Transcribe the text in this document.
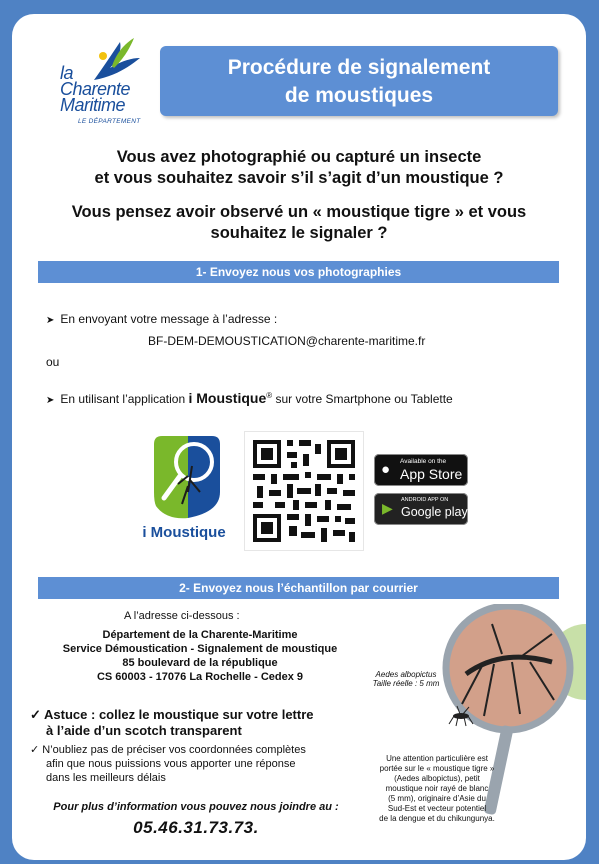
la
Charente
Maritime
LE DÉPARTEMENT
Procédure de signalement
de moustiques
Vous avez photographié ou capturé un insecte
et vous souhaitez savoir s’il s’agit d’un moustique ?
Vous pensez avoir observé un « moustique tigre » et vous
souhaitez le signaler ?
1- Envoyez nous vos photographies
➤ En envoyant votre message à l’adresse :
BF-DEM-DEMOUSTICATION@charente-maritime.fr
ou
➤ En utilisant l’application i Moustique® sur votre Smartphone ou Tablette
i Moustique
● Available on the
App Store
▶ ANDROID APP ON
Google play
2- Envoyez nous l’échantillon par courrier
A l’adresse ci-dessous :
Département de la Charente-Maritime
Service Démoustication - Signalement de moustique
85 boulevard de la république
CS 60003 - 17076 La Rochelle - Cedex 9
✓ Astuce : collez le moustique sur votre lettre
à l’aide d’un scotch transparent
✓ N’oubliez pas de préciser vos coordonnées complètes
afin que nous puissions vous apporter une réponse
dans les meilleurs délais
Pour plus d’information vous pouvez nous joindre au :
05.46.31.73.73.
Aedes albopictus
Taille réelle : 5 mm
Une attention particulière est
portée sur le « moustique tigre »
(Aedes albopictus), petit
moustique noir rayé de blanc
(5 mm), originaire d’Asie du
Sud-Est et vecteur potentiel
de la dengue et du chikungunya.
